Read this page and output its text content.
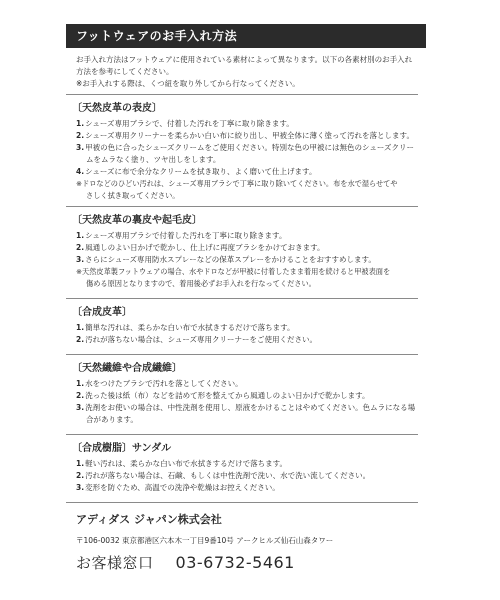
フットウェアのお手入れ方法
お手入れ方法はフットウェアに使用されている素材によって異なります。以下の各素材別のお手入れ
方法を参考にしてください。
※お手入れする際は、くつ紐を取り外してから行なってください。
〔天然皮革の表皮〕
1.シューズ専用ブラシで、付着した汚れを丁寧に取り除きます。
2.シューズ専用クリーナーを柔らかい白い布に絞り出し、甲被全体に薄く塗って汚れを落とします。
3.甲被の色に合ったシューズクリームをご使用ください。特別な色の甲被には無色のシューズクリー
ムをムラなく塗り、ツヤ出しをします。
4.シューズに布で余分なクリームを拭き取り、よく磨いて仕上げます。
※ドロなどのひどい汚れは、シューズ専用ブラシで丁寧に取り除いてください。布を水で湿らせてや
さしく拭き取ってください。
〔天然皮革の裏皮や起毛皮〕
1.シューズ専用ブラシで付着した汚れを丁寧に取り除きます。
2.風通しのよい日かげで乾かし、仕上げに再度ブラシをかけておきます。
3.さらにシューズ専用防水スプレーなどの保革スプレーをかけることをおすすめします。
※天然皮革製フットウェアの場合、水やドロなどが甲被に付着したまま着用を続けると甲被表面を
傷める原因となりますので、着用後必ずお手入れを行なってください。
〔合成皮革〕
1.簡単な汚れは、柔らかな白い布で水拭きするだけで落ちます。
2.汚れが落ちない場合は、シューズ専用クリーナーをご使用ください。
〔天然繊維や合成繊維〕
1.水をつけたブラシで汚れを落としてください。
2.洗った後は紙（布）などを詰めて形を整えてから風通しのよい日かげで乾かします。
3.洗剤をお使いの場合は、中性洗剤を使用し、原液をかけることはやめてください。色ムラになる場
合があります。
〔合成樹脂〕サンダル
1.軽い汚れは、柔らかな白い布で水拭きするだけで落ちます。
2.汚れが落ちない場合は、石鹸、もしくは中性洗剤で洗い、水で洗い流してください。
3.変形を防ぐため、高温での洗浄や乾燥はお控えください。
アディダス ジャパン株式会社
〒106-0032 東京都港区六本木一丁目9番10号 アークヒルズ仙石山森タワー
お客様窓口 03-6732-5461
